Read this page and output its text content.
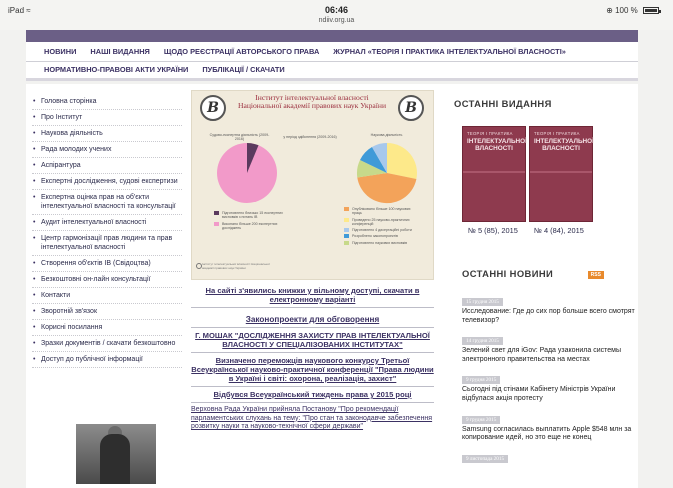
iPad ≈	06:46
ndiiv.org.ua
⊕ 100 %
НОВИНИ НАШІ ВИДАННЯ ЩОДО РЕЄСТРАЦІЇ АВТОРСЬКОГО ПРАВА ЖУРНАЛ «ТЕОРІЯ І ПРАКТИКА ІНТЕЛЕКТУАЛЬНОЇ ВЛАСНОСТІ»
НОРМАТИВНО-ПРАВОВІ АКТИ УКРАЇНИ ПУБЛІКАЦІЇ / СКАЧАТИ
• Головна сторінка
• Про Інститут
• Наукова діяльність
• Рада молодих учених
• Аспірантура
• Експертні дослідження, судові експертизи
• Експертна оцінка прав на об'єкти інтелектуальної власності та консультації
• Аудит інтелектуальної власності
• Центр гармонізації прав людини та прав інтелектуальної власності
• Створення об'єктів ІВ (Свідоцтва)
• Безкоштовні он-лайн консультації
• Контакти
• Зворотній зв'язок
• Корисні посилання
• Зразки документів / скачати безкоштовно
• Доступ до публічної інформації
B	B
Інститут інтелектуальної власності Національної академії правових наук України
Судово-експертна діяльність (2009-2016)	у період здійснення (2009-2016)	Наукова діяльність
Підготовлено близько 15 експертних висновків з питань ІВ
Виконано більше 200 експертних досліджень
Опубліковано більше 100 наукових праць
Проведено 25 науково-практичних конференцій
Підготовлено 4 дисертаційні роботи
Розроблено законопроектів
Підготовлено наукових висновків
Інститут інтелектуальної власності Національної академії правових наук України
На сайті з'явились книжки у вільному доступі, скачати в електронному варіанті
Законопроекти для обговорення
Г. МОШАК "ДОСЛІДЖЕННЯ ЗАХИСТУ ПРАВ ІНТЕЛЕКТУАЛЬНОЇ ВЛАСНОСТІ У СПЕЦІАЛІЗОВАНИХ ІНСТИТУТАХ"
Визначено переможців наукового конкурсу Третьої Всеукраїнської науково-практичної конференції "Права людини в Україні і світі: охорона, реалізація, захист"
Відбувся Всеукраїнський тиждень права у 2015 році
Верховна Рада України прийняла Постанову "Про рекомендації парламентських слухань на тему: "Про стан та законодавче забезпечення розвитку науки та науково-технічної сфери держави"
ОСТАННІ ВИДАННЯ
ТЕОРІЯ І ПРАКТИКА
ІНТЕЛЕКТУАЛЬНОЇ ВЛАСНОСТІ
ТЕОРІЯ І ПРАКТИКА
ІНТЕЛЕКТУАЛЬНОЇ ВЛАСНОСТІ
№ 5 (85), 2015 № 4 (84), 2015
ОСТАННІ НОВИНИ	RSS
15 грудня 2015
Исследование: Где до сих пор больше всего смотрят телевизор?
14 грудня 2015
Зелений свет для iGov: Рада узаконила системы электронного правительства на местах
9 грудня 2015
Сьогодні під стінами Кабінету Міністрів України відбулася акція протесту
9 грудня 2015
Samsung согласилась выплатить Apple $548 млн за копирование идей, но это еще не конец
9 листопада 2015
